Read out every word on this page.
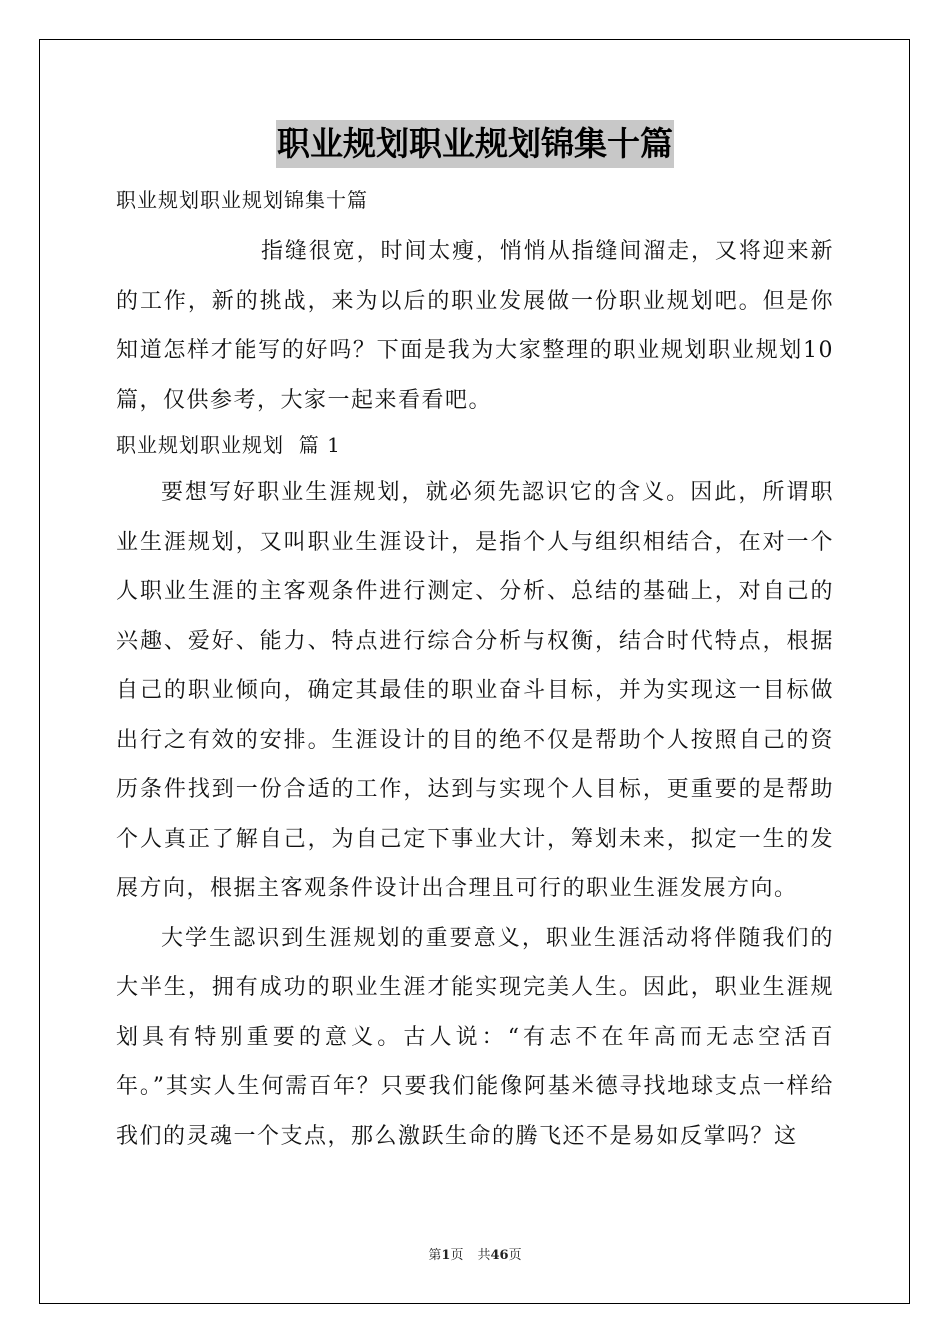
职业规划职业规划锦集十篇
职业规划职业规划锦集十篇

指缝很宽，时间太瘦，悄悄从指缝间溜走，又将迎来新的工作，新的挑战，来为以后的职业发展做一份职业规划吧。但是你知道怎样才能写的好吗？下面是我为大家整理的职业规划职业规划10篇，仅供参考，大家一起来看看吧。

职业规划职业规划  篇 1

要想写好职业生涯规划，就必须先認识它的含义。因此，所谓职业生涯规划，又叫职业生涯设计，是指个人与组织相结合，在对一个人职业生涯的主客观条件进行测定、分析、总结的基础上，对自己的兴趣、爱好、能力、特点进行综合分析与权衡，结合时代特点，根据自己的职业倾向，确定其最佳的职业奋斗目标，并为实现这一目标做出行之有效的安排。生涯设计的目的绝不仅是帮助个人按照自己的资历条件找到一份合适的工作，达到与实现个人目标，更重要的是帮助个人真正了解自己，为自己定下事业大计，筹划未来，拟定一生的发展方向，根据主客观条件设计出合理且可行的职业生涯发展方向。

大学生認识到生涯规划的重要意义，职业生涯活动将伴随我们的大半生，拥有成功的职业生涯才能实现完美人生。因此，职业生涯规划具有特别重要的意义。古人说：“有志不在年高而无志空活百年。”其实人生何需百年？只要我们能像阿基米德寻找地球支点一样给我们的灵魂一个支点，那么激跃生命的腾飞还不是易如反掌吗？这

第1页 共46页
